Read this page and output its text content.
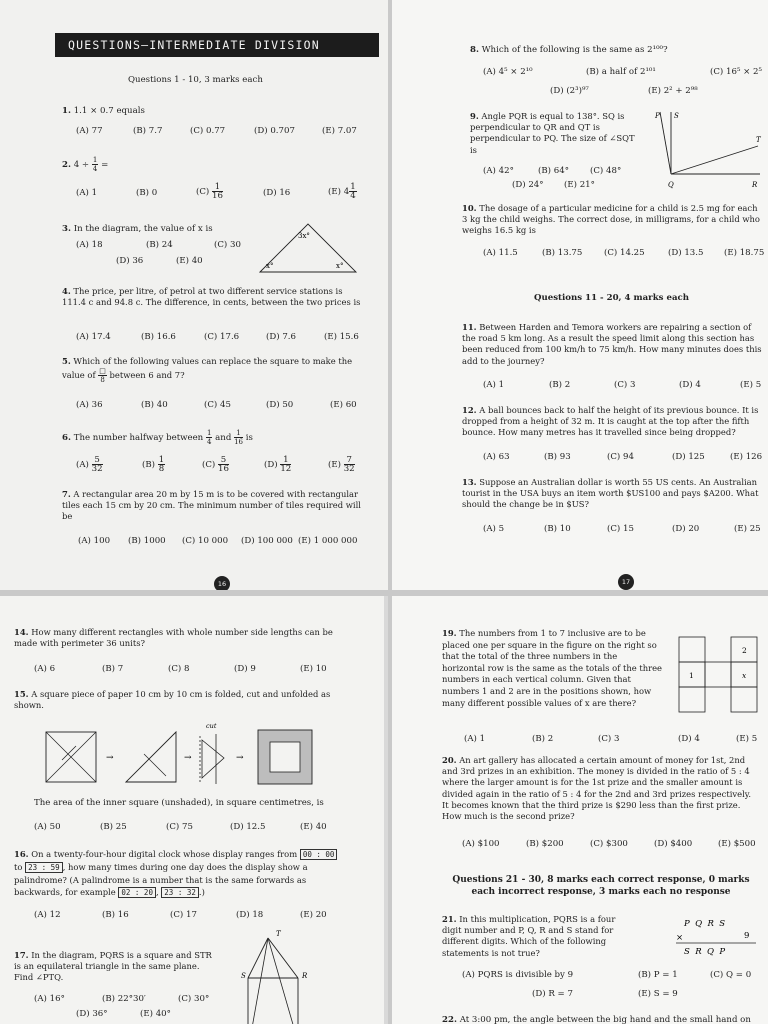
QUESTIONS–INTERMEDIATE DIVISION
Questions 1 - 10, 3 marks each
1. 1.1 × 0.7 equals
(A) 77	(B) 7.7	(C) 0.77	(D) 0.707	(E) 7.07
2. $4 \div \frac{1}{4}$ =
(A) 1	(B) 0	$(C) \frac{1}{16}$	(D) 16	(E) $4 \frac{1}{4}$
3. In the diagram, the value of x is
(A) 18	(B) 24	(C) 30
(D) 36	(E) 40
3x°
x°	x°
4. The price, per litre, of petrol at two different service stations is 111.4 c and 94.8 c. The difference, in cents, between the two prices is
(A) 17.4	(B) 16.6	(C) 17.6	(D) 7.6	(E) 15.6
5. Which of the following values can replace the square to make the value of $\frac{□}{8}$ between 6 and 7?
(A) 36	(B) 40	(C) 45	(D) 50	(E) 60
6. The number halfway between $\frac{1}{4}$ and $\frac{1}{16}$ is
$(A) \frac{5}{32}$	$(B) \frac{1}{8}$	$(C) \frac{5}{16}$	$(D) \frac{1}{12}$	$(E) \frac{7}{32}$
7. A rectangular area 20 m by 15 m is to be covered with rectangular tiles each 15 cm by 20 cm. The minimum number of tiles required will be
(A) 100 (B) 1000 (C) 10 000 (D) 100 000 (E) 1 000 000
16
8. Which of the following is the same as 2¹⁰⁰?
(A) 4⁵ × 2¹⁰	(B) a half of 2¹⁰¹	(C) 16⁵ × 2⁵
(D) (2³)⁹⁷	(E) 2² + 2⁹⁸
9. Angle PQR is equal to 138°. SQ is perpendicular to QR and QT is perpendicular to PQ. The size of ∠SQT is
(A) 42°	(B) 64° (C) 48°
(D) 24° (E) 21°
P S
T
Q	R
10. The dosage of a particular medicine for a child is 2.5 mg for each 3 kg the child weighs. The correct dose, in milligrams, for a child who weighs 16.5 kg is
(A) 11.5	(B) 13.75	(C) 14.25	(D) 13.5 (E) 18.75
Questions 11 - 20, 4 marks each
11. Between Harden and Temora workers are repairing a section of the road 5 km long. As a result the speed limit along this section has been reduced from 100 km/h to 75 km/h. How many minutes does this add to the journey?
(A) 1	(B) 2	(C) 3	(D) 4	(E) 5
12. A ball bounces back to half the height of its previous bounce. It is dropped from a height of 32 m. It is caught at the top after the fifth bounce. How many metres has it travelled since being dropped?
(A) 63	(B) 93	(C) 94	(D) 125	(E) 126
13. Suppose an Australian dollar is worth 55 US cents. An Australian tourist in the USA buys an item worth $US100 and pays $A200. What should the change be in $US?
(A) 5	(B) 10	(C) 15	(D) 20	(E) 25
17
14. How many different rectangles with whole number side lengths can be made with perimeter 36 units?
(A) 6	(B) 7	(C) 8	(D) 9	(E) 10
15. A square piece of paper 10 cm by 10 cm is folded, cut and unfolded as shown.
→	→
cut
→
The area of the inner square (unshaded), in square centimetres, is
(A) 50	(B) 25	(C) 75	(D) 12.5	(E) 40
16. On a twenty-four-hour digital clock whose display ranges from 00 : 00 to 23 : 59 , how many times during one day does the display show a palindrome? (A palindrome is a number that is the same forwards as backwards, for example 02 : 20 , 23 : 32 .)
(A) 12	(B) 16	(C) 17	(D) 18	(E) 20
17. In the diagram, PQRS is a square and STR is an equilateral triangle in the same plane. Find ∠PTQ.
(A) 16°	(B) 22°30′	(C) 30°
(D) 36°	(E) 40°
T
S	R
19. The numbers from 1 to 7 inclusive are to be placed one per square in the figure on the right so that the total of the three numbers in the horizontal row is the same as the totals of the three numbers in each vertical column. Given that numbers 1 and 2 are in the positions shown, how many different possible values of x are there?
2
1	x
(A) 1	(B) 2	(C) 3	(D) 4	(E) 5
20. An art gallery has allocated a certain amount of money for 1st, 2nd and 3rd prizes in an exhibition. The money is divided in the ratio of 5 : 4 where the larger amount is for the 1st prize and the smaller amount is divided again in the ratio of 5 : 4 for the 2nd and 3rd prizes respectively. It becomes known that the third prize is $290 less than the first prize. How much is the second prize?
(A) $100	(B) $200	(C) $300	(D) $400	(E) $500
Questions 21 - 30, 8 marks each correct response, 0 marks each incorrect response, 3 marks each no response
21. In this multiplication, PQRS is a four digit number and P, Q, R and S stand for different digits. Which of the following statements is not true?
P  Q  R  S
×	9
S  R  Q  P
(A) PQRS is divisible by 9	(B) P = 1	(C) Q = 0
(D) R = 7	(E) S = 9
22. At 3:00 pm, the angle between the big hand and the small hand on
